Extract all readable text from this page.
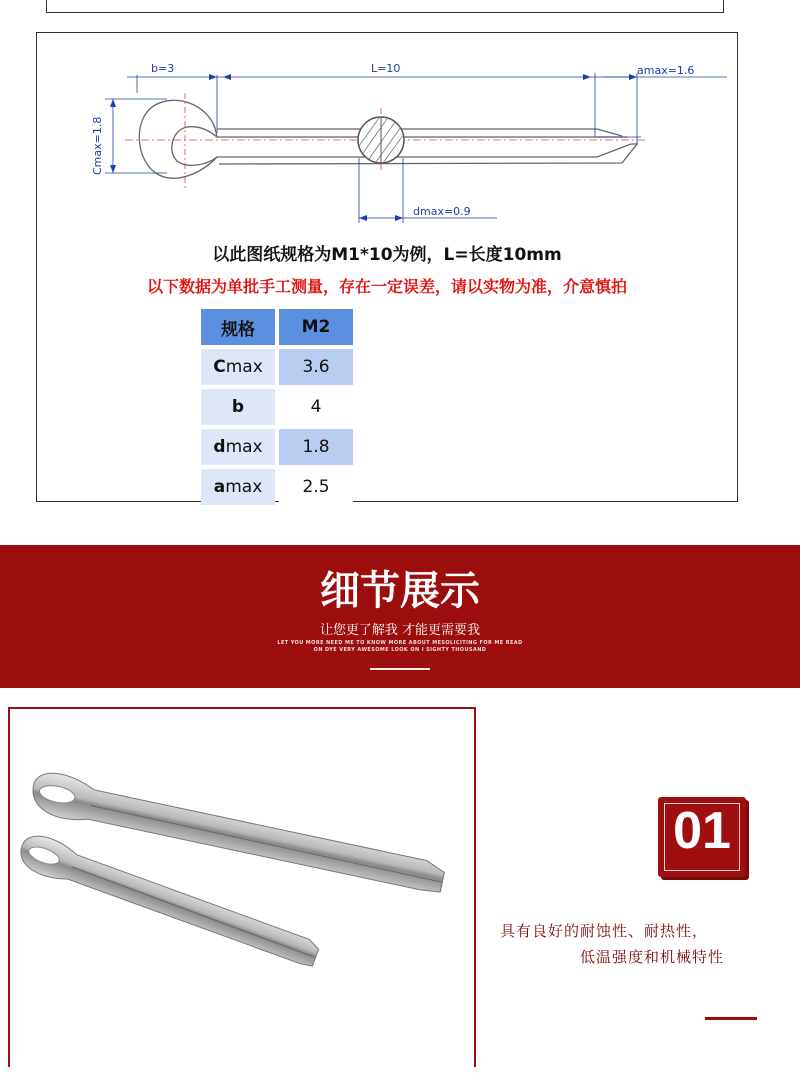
b=3	L=10	amax=1.6
Cmax=1.8
dmax=0.9
以此图纸规格为M1*10为例，L=长度10mm
以下数据为单批手工测量，存在一定误差，请以实物为准，介意慎拍
规格	M2
Cmax	3.6
b	4
dmax	1.8
amax	2.5
细节展示
让您更了解我 才能更需要我
LET YOU MORE NEED ME TO KNOW MORE ABOUT MESOLICITING FOR ME READ
ON DYE VERY AWESOME LOOK ON I SIGHTY THOUSAND
01
具有良好的耐蚀性、耐热性，
低温强度和机械特性
